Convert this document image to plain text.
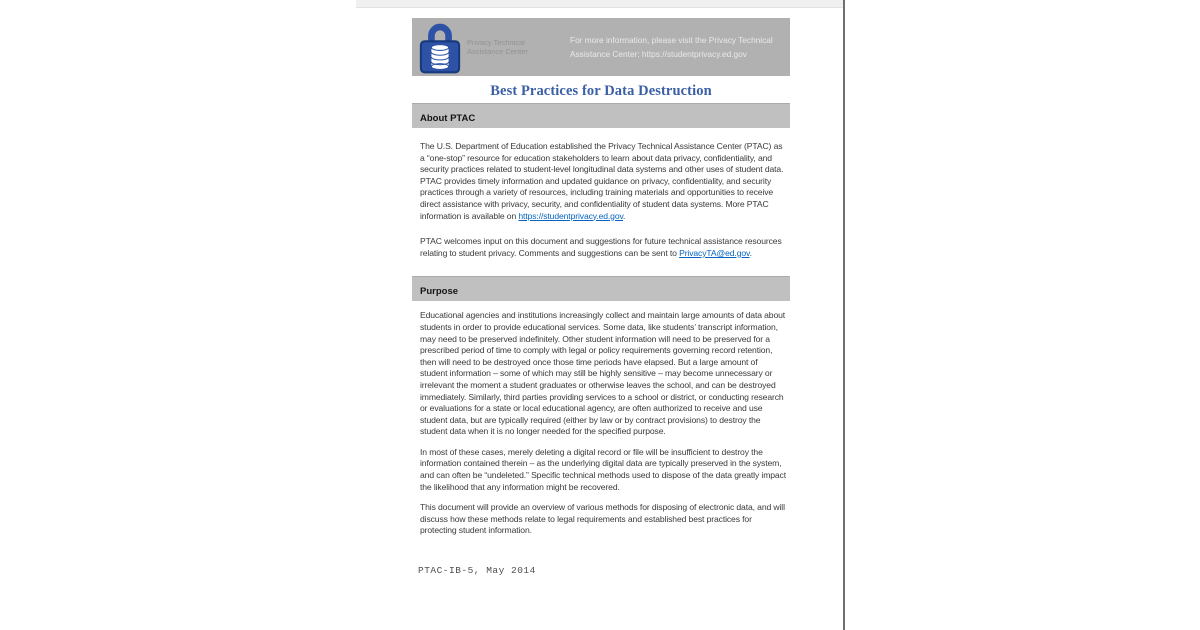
Privacy Technical
Assistance Center
For more information, please visit the Privacy Technical
Assistance Center: https://studentprivacy.ed.gov
Best Practices for Data Destruction
About PTAC

The U.S. Department of Education established the Privacy Technical Assistance Center (PTAC) as a “one-stop” resource for education stakeholders to learn about data privacy, confidentiality, and security practices related to student-level longitudinal data systems and other uses of student data. PTAC provides timely information and updated guidance on privacy, confidentiality, and security practices through a variety of resources, including training materials and opportunities to receive direct assistance with privacy, security, and confidentiality of student data systems. More PTAC information is available on https://studentprivacy.ed.gov.

PTAC welcomes input on this document and suggestions for future technical assistance resources relating to student privacy. Comments and suggestions can be sent to PrivacyTA@ed.gov.

Purpose

Educational agencies and institutions increasingly collect and maintain large amounts of data about students in order to provide educational services. Some data, like students’ transcript information, may need to be preserved indefinitely. Other student information will need to be preserved for a prescribed period of time to comply with legal or policy requirements governing record retention, then will need to be destroyed once those time periods have elapsed. But a large amount of student information – some of which may still be highly sensitive – may become unnecessary or irrelevant the moment a student graduates or otherwise leaves the school, and can be destroyed immediately. Similarly, third parties providing services to a school or district, or conducting research or evaluations for a state or local educational agency, are often authorized to receive and use student data, but are typically required (either by law or by contract provisions) to destroy the student data when it is no longer needed for the specified purpose.

In most of these cases, merely deleting a digital record or file will be insufficient to destroy the information contained therein – as the underlying digital data are typically preserved in the system, and can often be “undeleted.” Specific technical methods used to dispose of the data greatly impact the likelihood that any information might be recovered.

This document will provide an overview of various methods for disposing of electronic data, and will discuss how these methods relate to legal requirements and established best practices for protecting student information.

PTAC-IB-5, May 2014
